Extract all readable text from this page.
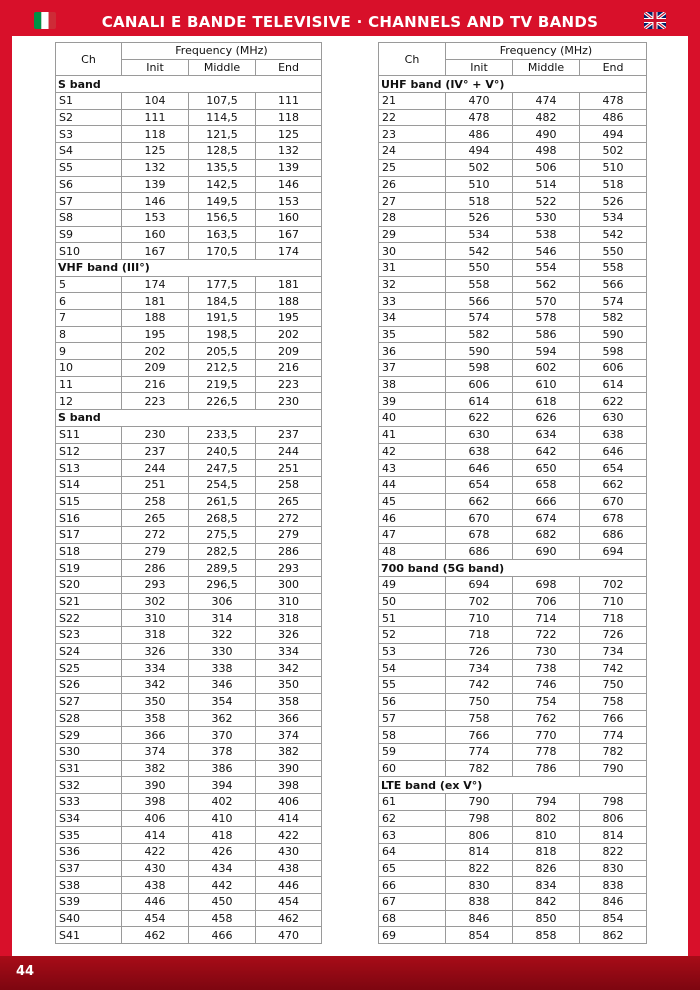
CANALI E BANDE TELEVISIVE · CHANNELS AND TV BANDS
Ch	Frequency (MHz)		
	Init	Middle	End
S band			
S1	104	107,5	111
S2	111	114,5	118
S3	118	121,5	125
S4	125	128,5	132
S5	132	135,5	139
S6	139	142,5	146
S7	146	149,5	153
S8	153	156,5	160
S9	160	163,5	167
S10	167	170,5	174
VHF band (III°)			
5	174	177,5	181
6	181	184,5	188
7	188	191,5	195
8	195	198,5	202
9	202	205,5	209
10	209	212,5	216
11	216	219,5	223
12	223	226,5	230
S band			
S11	230	233,5	237
S12	237	240,5	244
S13	244	247,5	251
S14	251	254,5	258
S15	258	261,5	265
S16	265	268,5	272
S17	272	275,5	279
S18	279	282,5	286
S19	286	289,5	293
S20	293	296,5	300
S21	302	306	310
S22	310	314	318
S23	318	322	326
S24	326	330	334
S25	334	338	342
S26	342	346	350
S27	350	354	358
S28	358	362	366
S29	366	370	374
S30	374	378	382
S31	382	386	390
S32	390	394	398
S33	398	402	406
S34	406	410	414
S35	414	418	422
S36	422	426	430
S37	430	434	438
S38	438	442	446
S39	446	450	454
S40	454	458	462
S41	462	466	470
Ch	Frequency (MHz)		
	Init	Middle	End
UHF band (IV° + V°)			
21	470	474	478
22	478	482	486
23	486	490	494
24	494	498	502
25	502	506	510
26	510	514	518
27	518	522	526
28	526	530	534
29	534	538	542
30	542	546	550
31	550	554	558
32	558	562	566
33	566	570	574
34	574	578	582
35	582	586	590
36	590	594	598
37	598	602	606
38	606	610	614
39	614	618	622
40	622	626	630
41	630	634	638
42	638	642	646
43	646	650	654
44	654	658	662
45	662	666	670
46	670	674	678
47	678	682	686
48	686	690	694
700 band (5G band)			
49	694	698	702
50	702	706	710
51	710	714	718
52	718	722	726
53	726	730	734
54	734	738	742
55	742	746	750
56	750	754	758
57	758	762	766
58	766	770	774
59	774	778	782
60	782	786	790
LTE band (ex V°)			
61	790	794	798
62	798	802	806
63	806	810	814
64	814	818	822
65	822	826	830
66	830	834	838
67	838	842	846
68	846	850	854
69	854	858	862
44
